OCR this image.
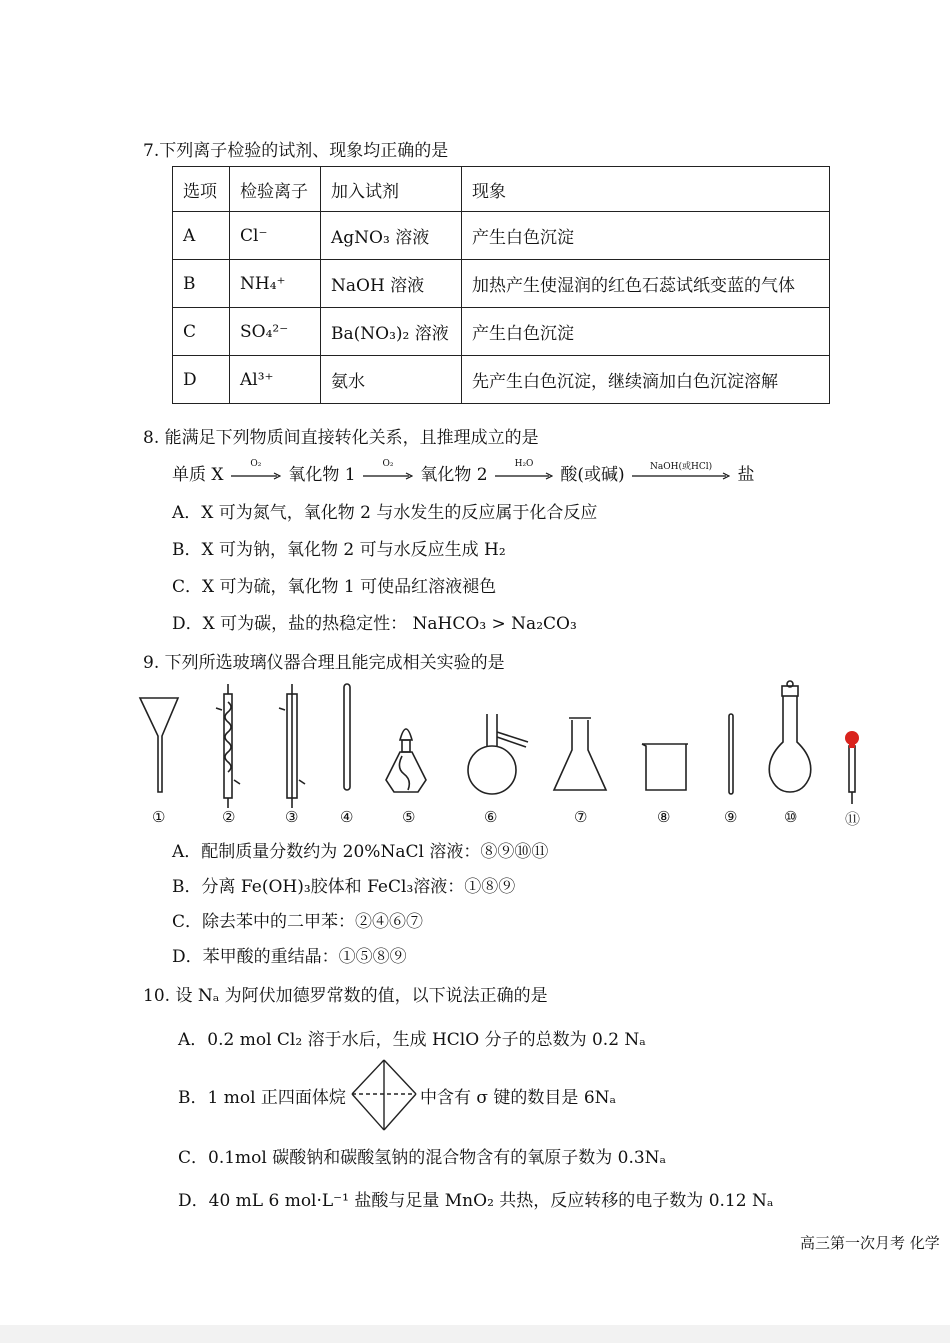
7.下列离子检验的试剂、现象均正确的是
选项	检验离子	加入试剂	现象
A	Cl⁻	AgNO₃ 溶液	产生白色沉淀
B	NH₄⁺	NaOH 溶液	加热产生使湿润的红色石蕊试纸变蓝的气体
C	SO₄²⁻	Ba(NO₃)₂ 溶液	产生白色沉淀
D	Al³⁺	氨水	先产生白色沉淀，继续滴加白色沉淀溶解
8. 能满足下列物质间直接转化关系，且推理成立的是
单质 X
O₂
氧化物 1
O₂
氧化物 2
H₂O
酸(或碱)	NaOH(或HCl)	盐
A．X 可为氮气，氧化物 2 与水发生的反应属于化合反应
B．X 可为钠，氧化物 2 可与水反应生成 H₂
C．X 可为硫，氧化物 1 可使品红溶液褪色
D．X 可为碳，盐的热稳定性： NaHCO₃ > Na₂CO₃
9. 下列所选玻璃仪器合理且能完成相关实验的是
①	②	③	④	⑤	⑥	⑦	⑧	⑨	⑩	⑪
A．配制质量分数约为 20%NaCl 溶液：⑧⑨⑩⑪
B．分离 Fe(OH)₃胶体和 FeCl₃溶液：①⑧⑨
C．除去苯中的二甲苯：②④⑥⑦
D．苯甲酸的重结晶：①⑤⑧⑨
10. 设 Nₐ 为阿伏加德罗常数的值，以下说法正确的是
A．0.2 mol Cl₂ 溶于水后，生成 HClO 分子的总数为 0.2 Nₐ
B．1 mol 正四面体烷	中含有 σ 键的数目是 6Nₐ
C．0.1mol 碳酸钠和碳酸氢钠的混合物含有的氧原子数为 0.3Nₐ
D．40 mL 6 mol·L⁻¹ 盐酸与足量 MnO₂ 共热，反应转移的电子数为 0.12 Nₐ
高三第一次月考 化学
